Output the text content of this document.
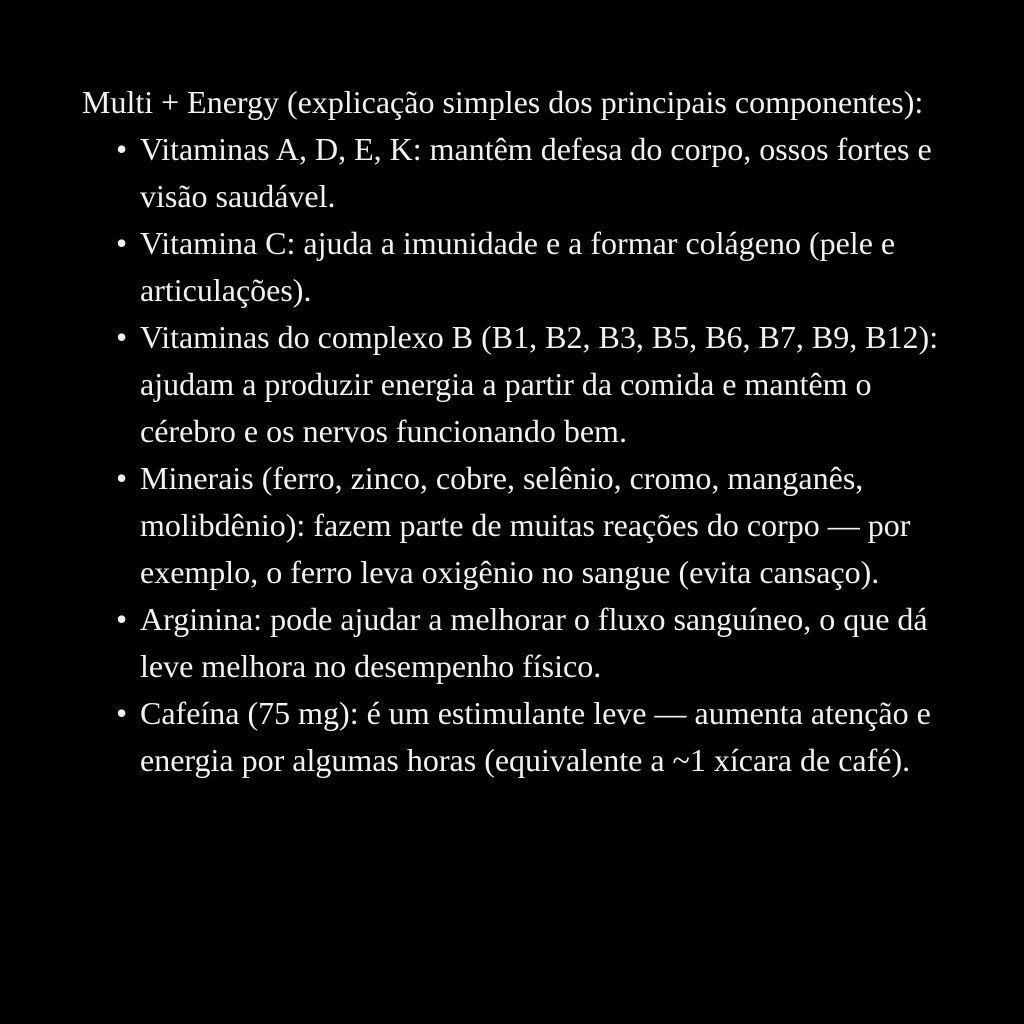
Multi + Energy (explicação simples dos principais componentes):

• Vitaminas A, D, E, K: mantêm defesa do corpo, ossos fortes e visão saudável.
• Vitamina C: ajuda a imunidade e a formar colágeno (pele e articulações).
• Vitaminas do complexo B (B1, B2, B3, B5, B6, B7, B9, B12): ajudam a produzir energia a partir da comida e mantêm o cérebro e os nervos funcionando bem.
• Minerais (ferro, zinco, cobre, selênio, cromo, manganês, molibdênio): fazem parte de muitas reações do corpo — por exemplo, o ferro leva oxigênio no sangue (evita cansaço).
• Arginina: pode ajudar a melhorar o fluxo sanguíneo, o que dá leve melhora no desempenho físico.
• Cafeína (75 mg): é um estimulante leve — aumenta atenção e energia por algumas horas (equivalente a ~1 xícara de café).
